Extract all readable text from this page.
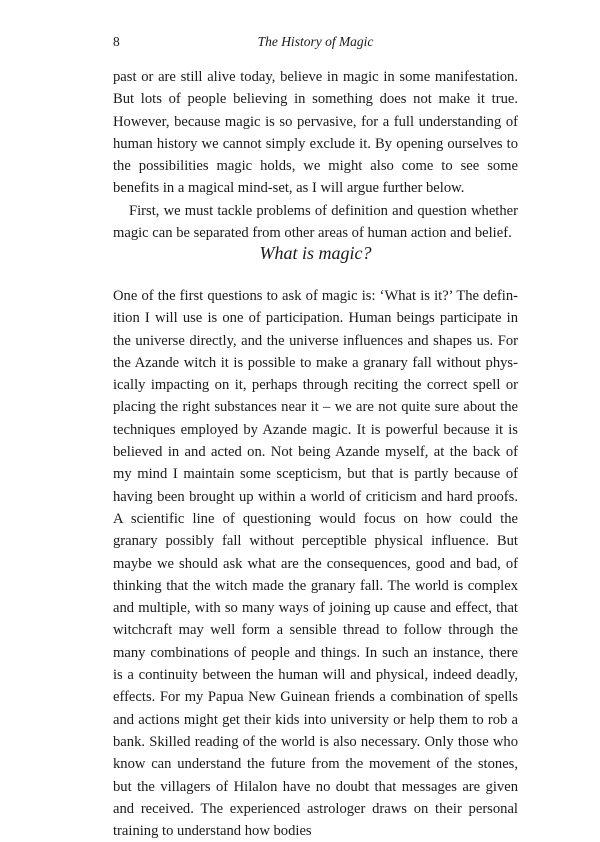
8	The History of Magic

past or are still alive today, believe in magic in some manifestation. But lots of people believing in something does not make it true. However, because magic is so pervasive, for a full understanding of human history we cannot simply exclude it. By opening ourselves to the possibilities magic holds, we might also come to see some benefits in a magical mind-set, as I will argue further below.

First, we must tackle problems of definition and question whether magic can be separated from other areas of human action and belief.

What is magic?

One of the first questions to ask of magic is: ‘What is it?’ The definition I will use is one of participation. Human beings participate in the universe directly, and the universe influences and shapes us. For the Azande witch it is possible to make a granary fall without physically impacting on it, perhaps through reciting the correct spell or placing the right substances near it – we are not quite sure about the techniques employed by Azande magic. It is powerful because it is believed in and acted on. Not being Azande myself, at the back of my mind I maintain some scepticism, but that is partly because of having been brought up within a world of criticism and hard proofs. A scientific line of questioning would focus on how could the granary possibly fall without perceptible physical influence. But maybe we should ask what are the consequences, good and bad, of thinking that the witch made the granary fall. The world is complex and multiple, with so many ways of joining up cause and effect, that witchcraft may well form a sensible thread to follow through the many combinations of people and things. In such an instance, there is a continuity between the human will and physical, indeed deadly, effects. For my Papua New Guinean friends a combination of spells and actions might get their kids into university or help them to rob a bank. Skilled reading of the world is also necessary. Only those who know can understand the future from the movement of the stones, but the villagers of Hilalon have no doubt that messages are given and received. The experienced astrologer draws on their personal training to understand how bodies
